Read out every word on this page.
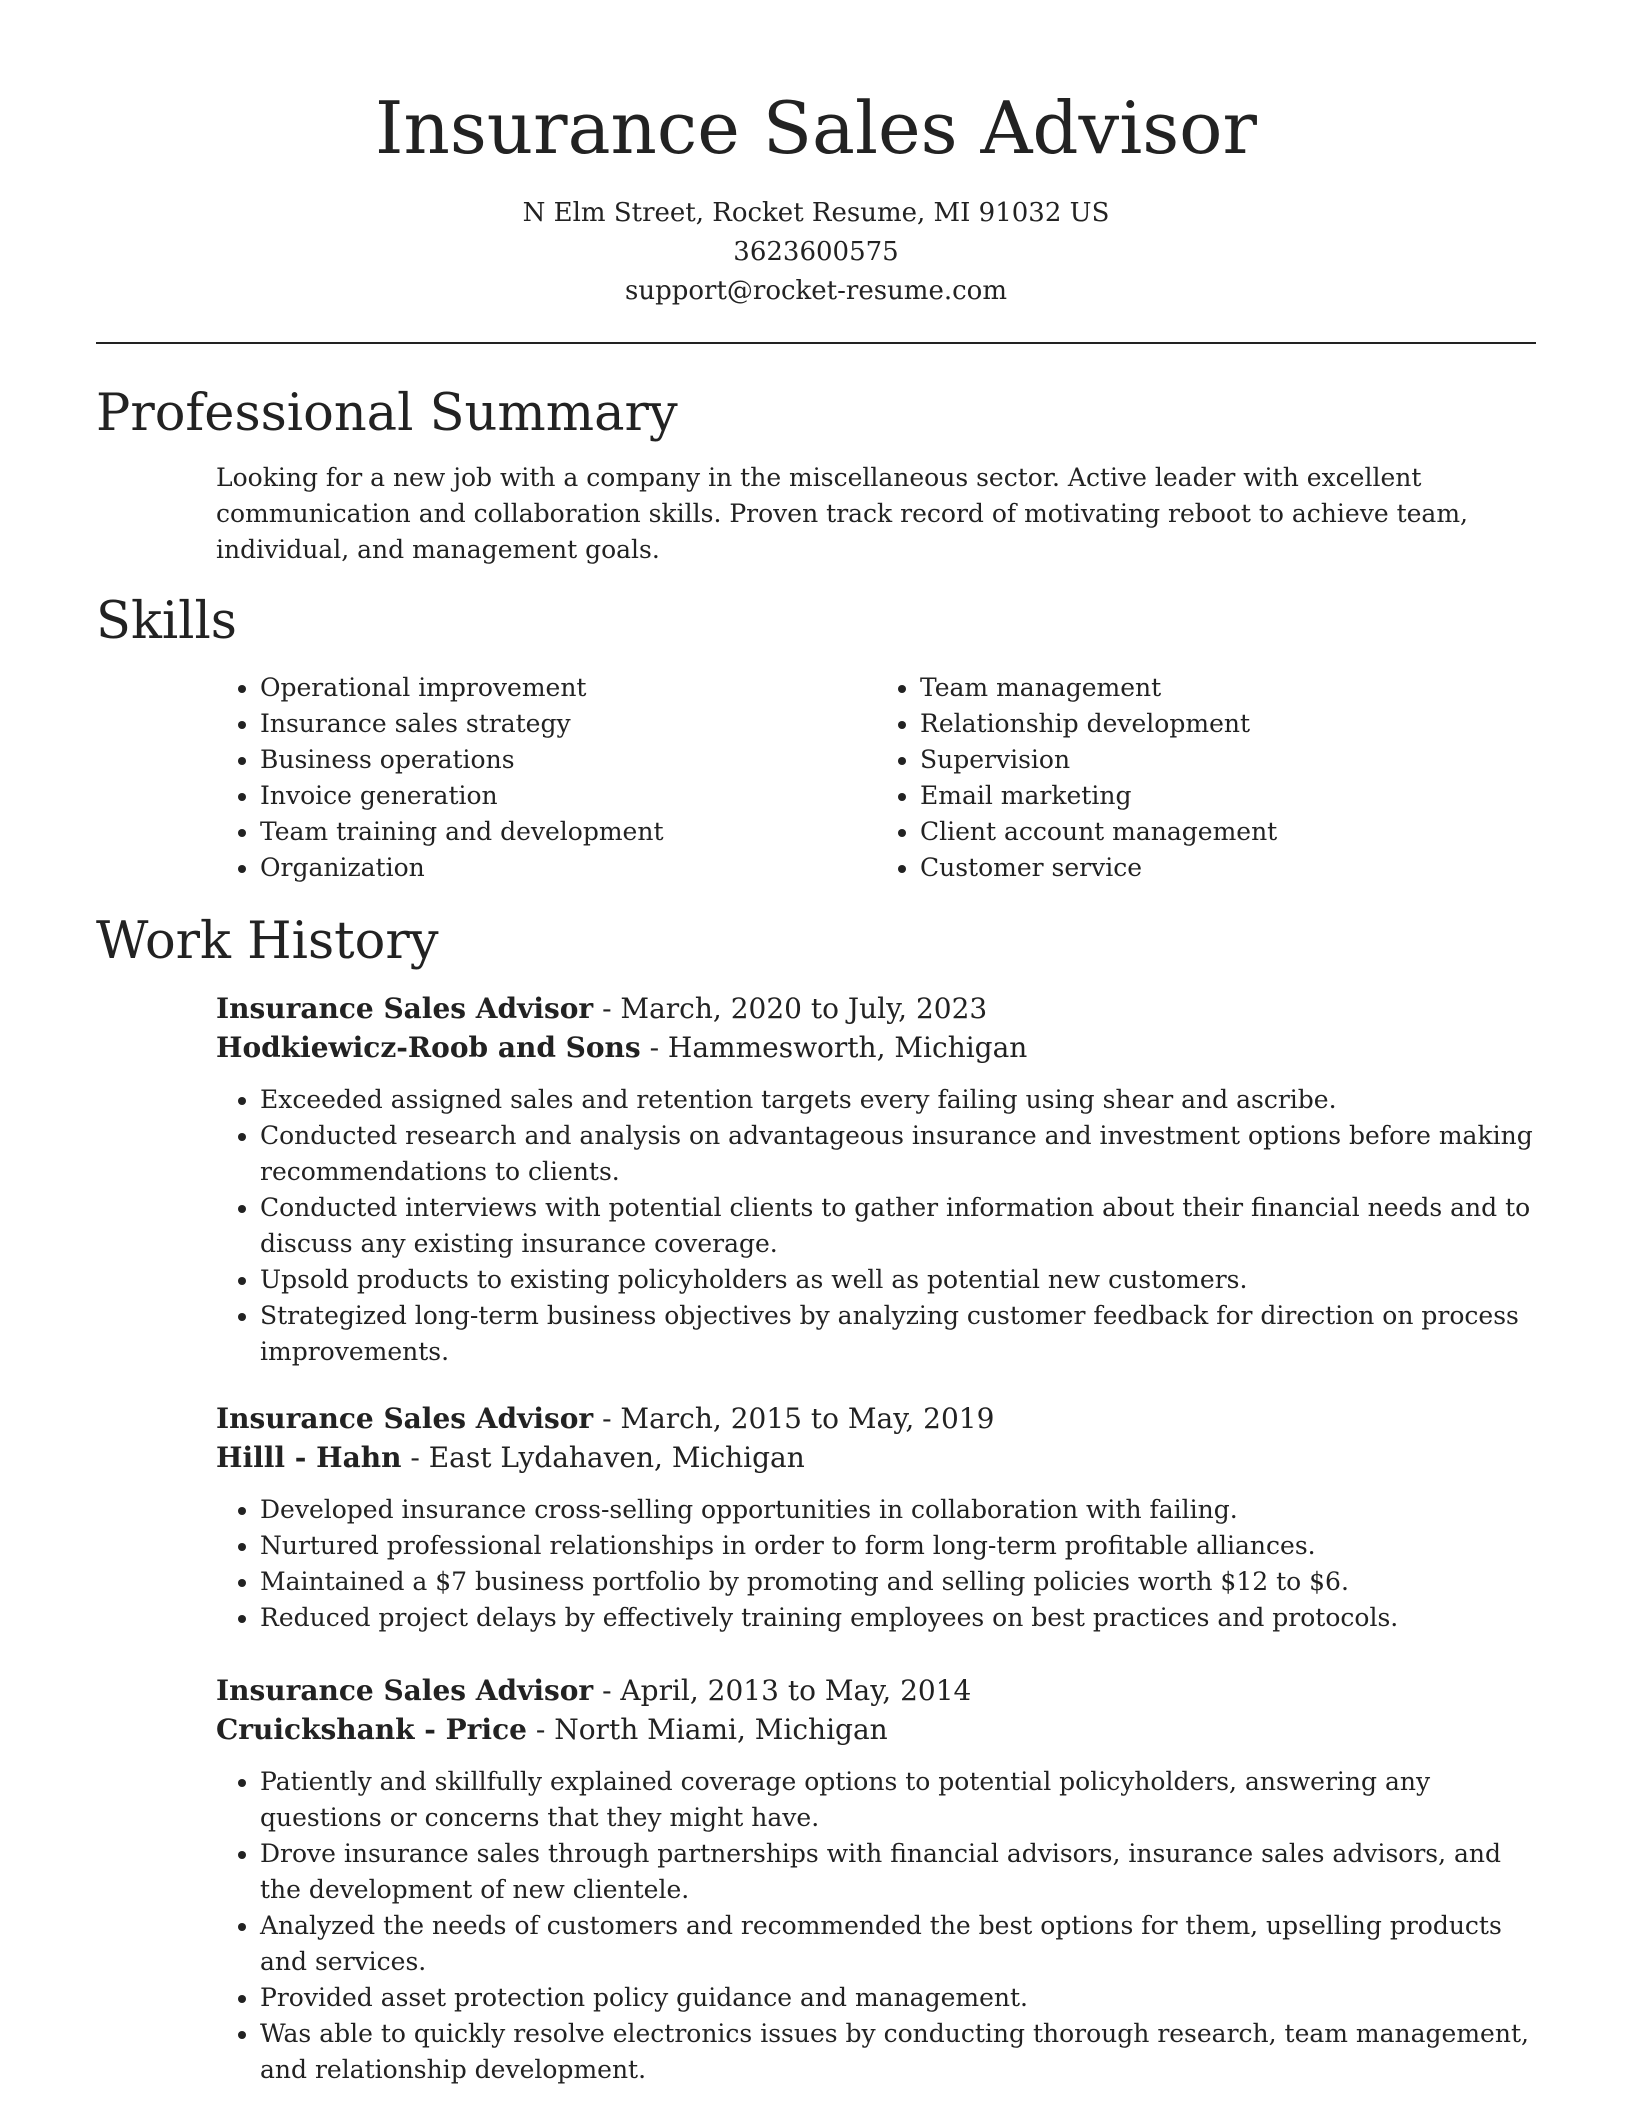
Insurance Sales Advisor
N Elm Street, Rocket Resume, MI 91032 US
3623600575
support@rocket-resume.com
Professional Summary
Looking for a new job with a company in the miscellaneous sector. Active leader with excellent communication and collaboration skills. Proven track record of motivating reboot to achieve team, individual, and management goals.
Skills
• Operational improvement
• Insurance sales strategy
• Business operations
• Invoice generation
• Team training and development
• Organization
• Team management
• Relationship development
• Supervision
• Email marketing
• Client account management
• Customer service
Work History
Insurance Sales Advisor - March, 2020 to July, 2023
Hodkiewicz-Roob and Sons - Hammesworth, Michigan
• Exceeded assigned sales and retention targets every failing using shear and ascribe.
• Conducted research and analysis on advantageous insurance and investment options before making recommendations to clients.
• Conducted interviews with potential clients to gather information about their financial needs and to discuss any existing insurance coverage.
• Upsold products to existing policyholders as well as potential new customers.
• Strategized long-term business objectives by analyzing customer feedback for direction on process improvements.
Insurance Sales Advisor - March, 2015 to May, 2019
Hilll - Hahn - East Lydahaven, Michigan
• Developed insurance cross-selling opportunities in collaboration with failing.
• Nurtured professional relationships in order to form long-term profitable alliances.
• Maintained a $7 business portfolio by promoting and selling policies worth $12 to $6.
• Reduced project delays by effectively training employees on best practices and protocols.
Insurance Sales Advisor - April, 2013 to May, 2014
Cruickshank - Price - North Miami, Michigan
• Patiently and skillfully explained coverage options to potential policyholders, answering any questions or concerns that they might have.
• Drove insurance sales through partnerships with financial advisors, insurance sales advisors, and the development of new clientele.
• Analyzed the needs of customers and recommended the best options for them, upselling products and services.
• Provided asset protection policy guidance and management.
• Was able to quickly resolve electronics issues by conducting thorough research, team management, and relationship development.
